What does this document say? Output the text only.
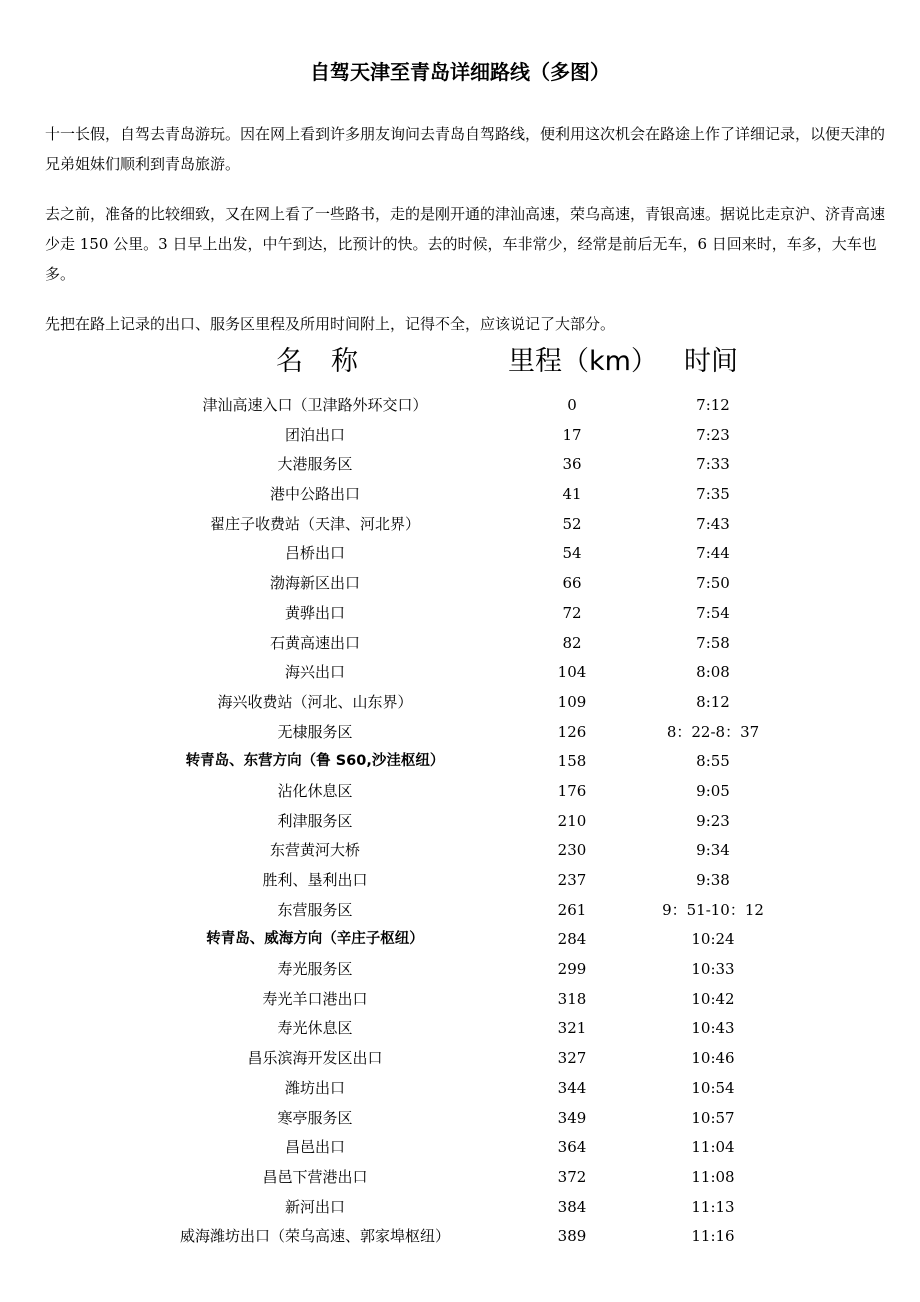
自驾天津至青岛详细路线（多图）

十一长假，自驾去青岛游玩。因在网上看到许多朋友询问去青岛自驾路线，便利用这次机会在路途上作了详细记录，以便天津的兄弟姐妹们顺利到青岛旅游。

去之前，准备的比较细致，又在网上看了一些路书，走的是刚开通的津汕高速，荣乌高速，青银高速。据说比走京沪、济青高速少走 150 公里。3 日早上出发，中午到达，比预计的快。去的时候，车非常少，经常是前后无车，6 日回来时，车多，大车也多。

先把在路上记录的出口、服务区里程及所用时间附上，记得不全，应该说记了大部分。

名称	里程（km） 时间
津汕高速入口（卫津路外环交口）	0	7:12
团泊出口	17	7:23
大港服务区	36	7:33
港中公路出口	41	7:35
翟庄子收费站（天津、河北界）	52	7:43
吕桥出口	54	7:44
渤海新区出口	66	7:50
黄骅出口	72	7:54
石黄高速出口	82	7:58
海兴出口	104	8:08
海兴收费站（河北、山东界）	109	8:12
无棣服务区	126	8：22-8：37
转青岛、东营方向（鲁 S60,沙洼枢纽）	158	8:55
沾化休息区	176	9:05
利津服务区	210	9:23
东营黄河大桥	230	9:34
胜利、垦利出口	237	9:38
东营服务区	261	9：51-10：12
转青岛、威海方向（辛庄子枢纽）	284	10:24
寿光服务区	299	10:33
寿光羊口港出口	318	10:42
寿光休息区	321	10:43
昌乐滨海开发区出口	327	10:46
潍坊出口	344	10:54
寒亭服务区	349	10:57
昌邑出口	364	11:04
昌邑下营港出口	372	11:08
新河出口	384	11:13
威海潍坊出口（荣乌高速、郭家埠枢纽）	389	11:16
